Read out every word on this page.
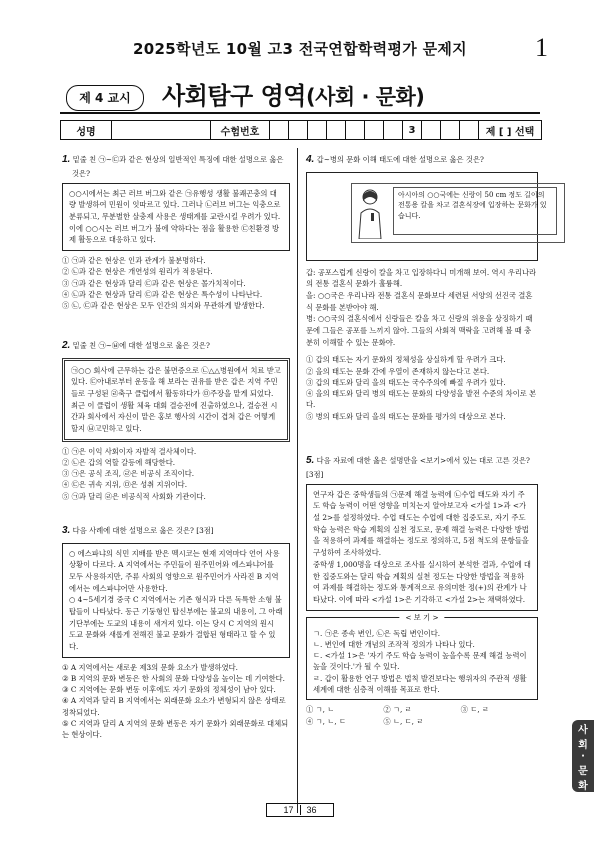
2025학년도 10월 고3 전국연합학력평가 문제지	1
제 4 교시	사회탐구 영역(사회 · 문화)
성명	수험번호	3	제 [ ] 선택
1. 밑줄 친 ㉠~㉢과 같은 현상의 일반적인 특징에 대한 설명으로 옳은 것은?
○○시에서는 최근 러브 버그와 같은 ㉠유행성 생활 불쾌곤충의 대량 발생하여 민원이 잇따르고 있다. 그러나 ㉡러브 버그는 익충으로 분류되고, 무분별한 살충제 사용은 생태계를 교란시킬 우려가 있다. 이에 ○○시는 러브 버그가 불에 약하다는 점을 활용한 ㉢친환경 방제 활동으로 대응하고 있다.

① ㉠과 같은 현상은 인과 관계가 불분명하다.

② ㉡과 같은 현상은 개연성의 원리가 적용된다.

③ ㉠과 같은 현상과 달리 ㉢과 같은 현상은 몰가치적이다.

④ ㉡과 같은 현상과 달리 ㉢과 같은 현상은 특수성이 나타난다.

⑤ ㉡, ㉢과 같은 현상은 모두 인간의 의지와 무관하게 발생한다.

2. 밑줄 친 ㉠~㉥에 대한 설명으로 옳은 것은?
㉠○○ 회사에 근무하는 갑은 불면증으로 ㉡△△병원에서 치료 받고 있다. ㉢아내로부터 운동을 해 보라는 권유를 받은 갑은 지역 주민들로 구성된 ㉣축구 클럽에서 활동하다가 ㉤주장을 맡게 되었다. 최근 이 클럽이 생활 체육 대회 결승전에 진출하였으나, 결승전 시간과 회사에서 자신이 맡은 홍보 행사의 시간이 겹쳐 갑은 어떻게 할지 ㉥고민하고 있다.

① ㉠은 이익 사회이자 자발적 결사체이다.

② ㉡은 갑의 역할 갈등에 해당한다.

③ ㉠은 공식 조직, ㉣은 비공식 조직이다.

④ ㉢은 귀속 지위, ㉤은 성취 지위이다.

⑤ ㉠과 달리 ㉣은 비공식적 사회화 기관이다.

3. 다음 사례에 대한 설명으로 옳은 것은? [3점]
○ 에스파냐의 식민 지배를 받은 멕시코는 현재 지역마다 언어 사용 상황이 다르다. A 지역에서는 주민들이 원주민어와 에스파냐어를 모두 사용하지만, 주류 사회의 영향으로 원주민어가 사라진 B 지역에서는 에스파냐어만 사용한다.
○ 4~5세기경 중국 C 지역에서는 기존 형식과 다른 독특한 소형 불탑들이 나타났다. 동근 기둥형인 탑신부에는 불교의 내용이, 그 아래 기단부에는 도교의 내용이 새겨져 있다. 이는 당시 C 지역의 원시 도교 문화와 새롭게 전해진 불교 문화가 결합된 형태라고 할 수 있다.

① A 지역에서는 새로운 제3의 문화 요소가 발생하였다.

② B 지역의 문화 변동은 한 사회의 문화 다양성을 높이는 데 기여한다.

③ C 지역에는 문화 변동 이후에도 자기 문화의 정체성이 남아 있다.

④ A 지역과 달리 B 지역에서는 외래문화 요소가 변형되지 않은 상태로 정착되었다.

⑤ C 지역과 달리 A 지역의 문화 변동은 자기 문화가 외래문화로 대체되는 현상이다.

4. 갑~병의 문화 이해 태도에 대한 설명으로 옳은 것은?
아시아의 ○○국에는 신랑이 50 cm 정도 길이의 전통용 칼을 차고 결혼식장에 입장하는 문화가 있습니다.
갑: 공포스럽게 신랑이 칼을 차고 입장하다니 미개해 보여. 역시 우리나라의 전통 결혼식 문화가 훌륭해.
을: ○○국은 우리나라 전통 결혼식 문화보다 세련된 서양의 선진국 결혼식 문화를 본받아야 해.
병: ○○국의 결혼식에서 신랑들은 칼을 차고 신랑의 위용을 상징하기 때문에 그들은 공포를 느끼지 않아. 그들의 사회적 맥락을 고려해 볼 때 충분히 이해할 수 있는 문화야.

① 갑의 태도는 자기 문화의 정체성을 상실하게 할 우려가 크다.

② 을의 태도는 문화 간에 우열이 존재하지 않는다고 본다.

③ 갑의 태도와 달리 을의 태도는 국수주의에 빠질 우려가 있다.

④ 을의 태도와 달리 병의 태도는 문화의 다양성을 발전 수준의 차이로 본다.

⑤ 병의 태도와 달리 을의 태도는 문화를 평가의 대상으로 본다.

5. 다음 자료에 대한 옳은 설명만을 <보기>에서 있는 대로 고른 것은? [3점]
연구자 갑은 중학생들의 ㉠문제 해결 능력에 ㉡수업 태도와 자기 주도 학습 능력이 어떤 영향을 미치는지 알아보고자 <가설 1>과 <가설 2>를 설정하였다. 수업 태도는 수업에 대한 집중도로, 자기 주도 학습 능력은 학습 계획의 실천 정도로, 문제 해결 능력은 다양한 방법을 적용하여 과제를 해결하는 정도로 정의하고, 5점 척도의 문항들을 구성하여 조사하였다.
중학생 1,000명을 대상으로 조사를 실시하여 분석한 결과, 수업에 대한 집중도와는 달리 학습 계획의 실천 정도는 다양한 방법을 적용하여 과제를 해결하는 정도와 통계적으로 유의미한 정(+)의 관계가 나타났다. 이에 따라 <가설 1>은 기각하고 <가설 2>는 채택하였다.
< 보 기 >
ㄱ. ㉠은 종속 변인, ㉡은 독립 변인이다.
ㄴ. 변인에 대한 개념의 조작적 정의가 나타나 있다.
ㄷ. <가설 1>은 '자기 주도 학습 능력이 높을수록 문제 해결 능력이 높을 것이다.'가 될 수 있다.
ㄹ. 갑이 활용한 연구 방법은 법칙 발견보다는 행위자의 주관적 생활 세계에 대한 심층적 이해를 목표로 한다.
① ㄱ, ㄴ	② ㄱ, ㄹ	③ ㄷ, ㄹ
④ ㄱ, ㄴ, ㄷ	⑤ ㄴ, ㄷ, ㄹ
사
회
·
문
화
17 36
